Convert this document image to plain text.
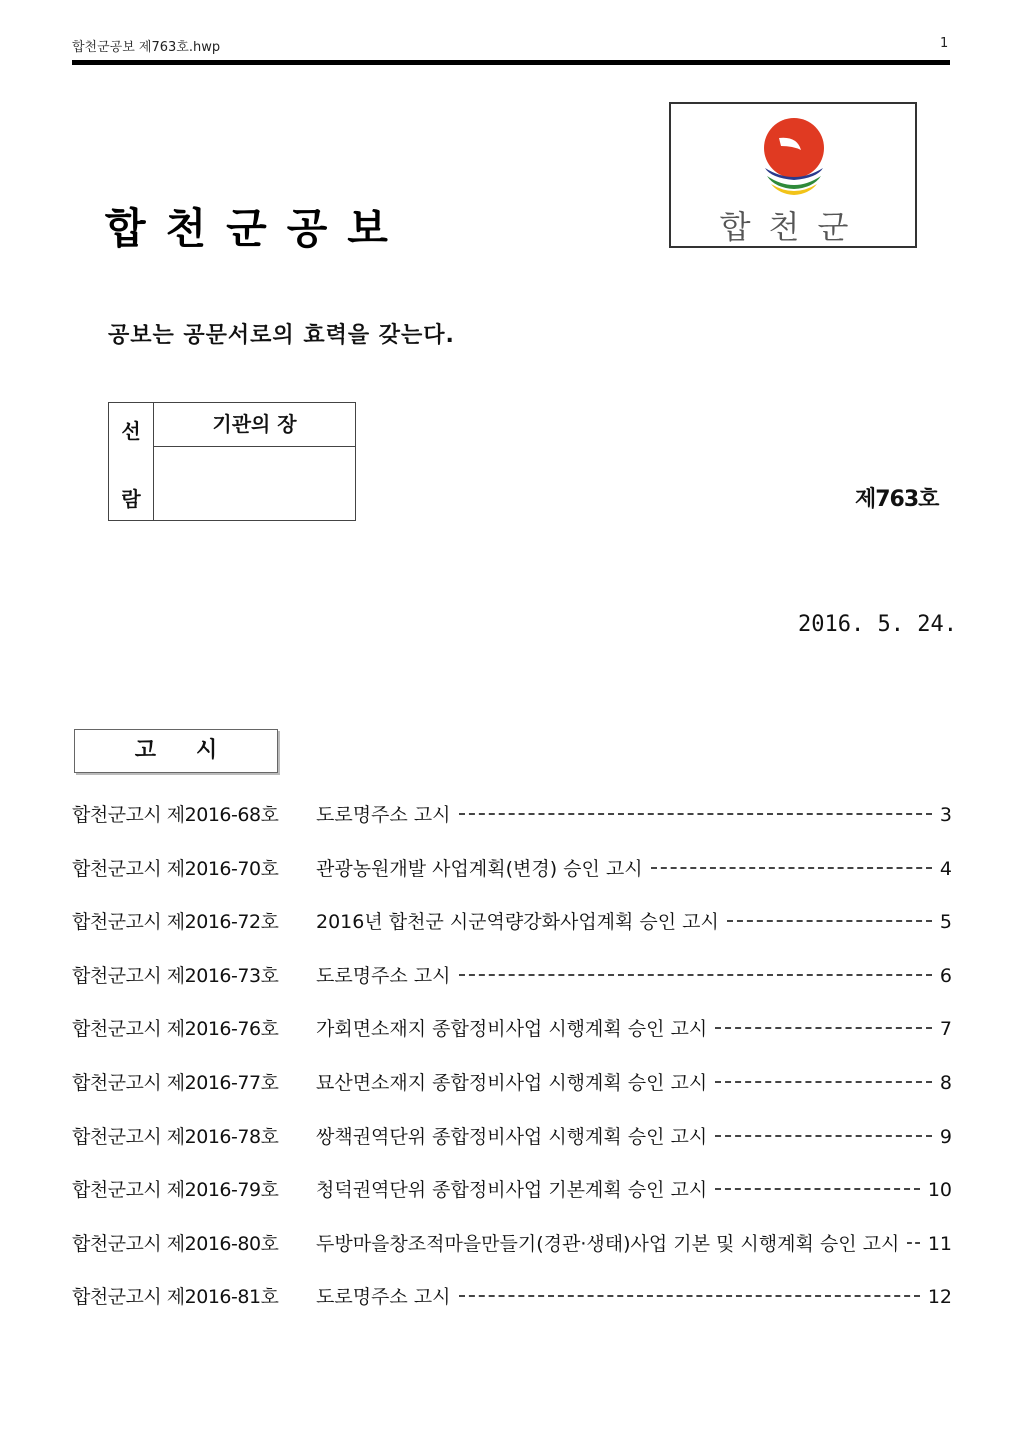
합천군공보 제763호.hwp	1
합천군공보	합천군
공보는 공문서로의 효력을 갖는다.
선
람
기관의 장
제763호
2016. 5. 24.
고시
합천군고시 제2016-68호	도로명주소 고시	3
합천군고시 제2016-70호	관광농원개발 사업계획(변경) 승인 고시	4
합천군고시 제2016-72호	2016년 합천군 시군역량강화사업계획 승인 고시	5
합천군고시 제2016-73호	도로명주소 고시	6
합천군고시 제2016-76호	가회면소재지 종합정비사업 시행계획 승인 고시	7
합천군고시 제2016-77호	묘산면소재지 종합정비사업 시행계획 승인 고시	8
합천군고시 제2016-78호	쌍책권역단위 종합정비사업 시행계획 승인 고시	9
합천군고시 제2016-79호	청덕권역단위 종합정비사업 기본계획 승인 고시	10
합천군고시 제2016-80호	두방마을창조적마을만들기(경관·생태)사업 기본 및 시행계획 승인 고시 11
합천군고시 제2016-81호	도로명주소 고시	12
